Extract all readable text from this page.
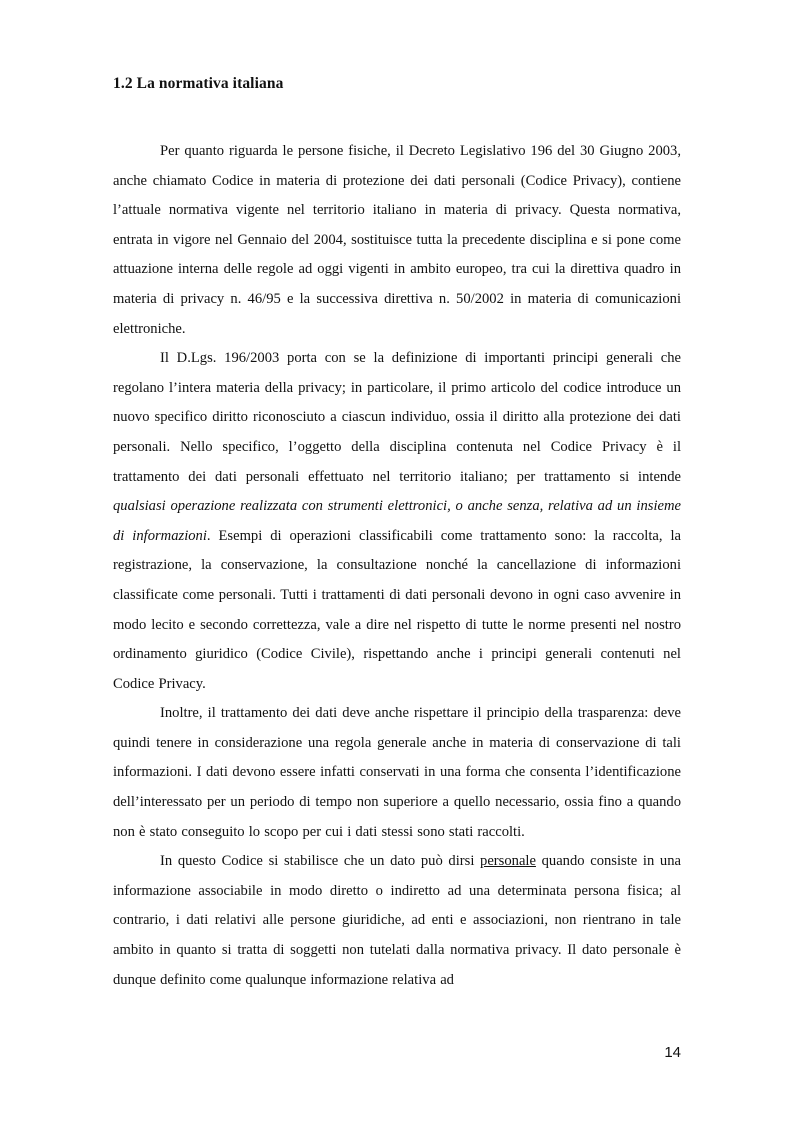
1.2 La normativa italiana

Per quanto riguarda le persone fisiche, il Decreto Legislativo 196 del 30 Giugno 2003, anche chiamato Codice in materia di protezione dei dati personali (Codice Privacy), contiene l’attuale normativa vigente nel territorio italiano in materia di privacy. Questa normativa, entrata in vigore nel Gennaio del 2004, sostituisce tutta la precedente disciplina e si pone come attuazione interna delle regole ad oggi vigenti in ambito europeo, tra cui la direttiva quadro in materia di privacy n. 46/95 e la successiva direttiva n. 50/2002 in materia di comunicazioni elettroniche.

Il D.Lgs. 196/2003 porta con se la definizione di importanti principi generali che regolano l’intera materia della privacy; in particolare, il primo articolo del codice introduce un nuovo specifico diritto riconosciuto a ciascun individuo, ossia il diritto alla protezione dei dati personali. Nello specifico, l’oggetto della disciplina contenuta nel Codice Privacy è il trattamento dei dati personali effettuato nel territorio italiano; per trattamento si intende qualsiasi operazione realizzata con strumenti elettronici, o anche senza, relativa ad un insieme di informazioni. Esempi di operazioni classificabili come trattamento sono: la raccolta, la registrazione, la conservazione, la consultazione nonché la cancellazione di informazioni classificate come personali. Tutti i trattamenti di dati personali devono in ogni caso avvenire in modo lecito e secondo correttezza, vale a dire nel rispetto di tutte le norme presenti nel nostro ordinamento giuridico (Codice Civile), rispettando anche i principi generali contenuti nel Codice Privacy.

Inoltre, il trattamento dei dati deve anche rispettare il principio della trasparenza: deve quindi tenere in considerazione una regola generale anche in materia di conservazione di tali informazioni. I dati devono essere infatti conservati in una forma che consenta l’identificazione dell’interessato per un periodo di tempo non superiore a quello necessario, ossia fino a quando non è stato conseguito lo scopo per cui i dati stessi sono stati raccolti.

In questo Codice si stabilisce che un dato può dirsi personale quando consiste in una informazione associabile in modo diretto o indiretto ad una determinata persona fisica; al contrario, i dati relativi alle persone giuridiche, ad enti e associazioni, non rientrano in tale ambito in quanto si tratta di soggetti non tutelati dalla normativa privacy. Il dato personale è dunque definito come qualunque informazione relativa ad

14
